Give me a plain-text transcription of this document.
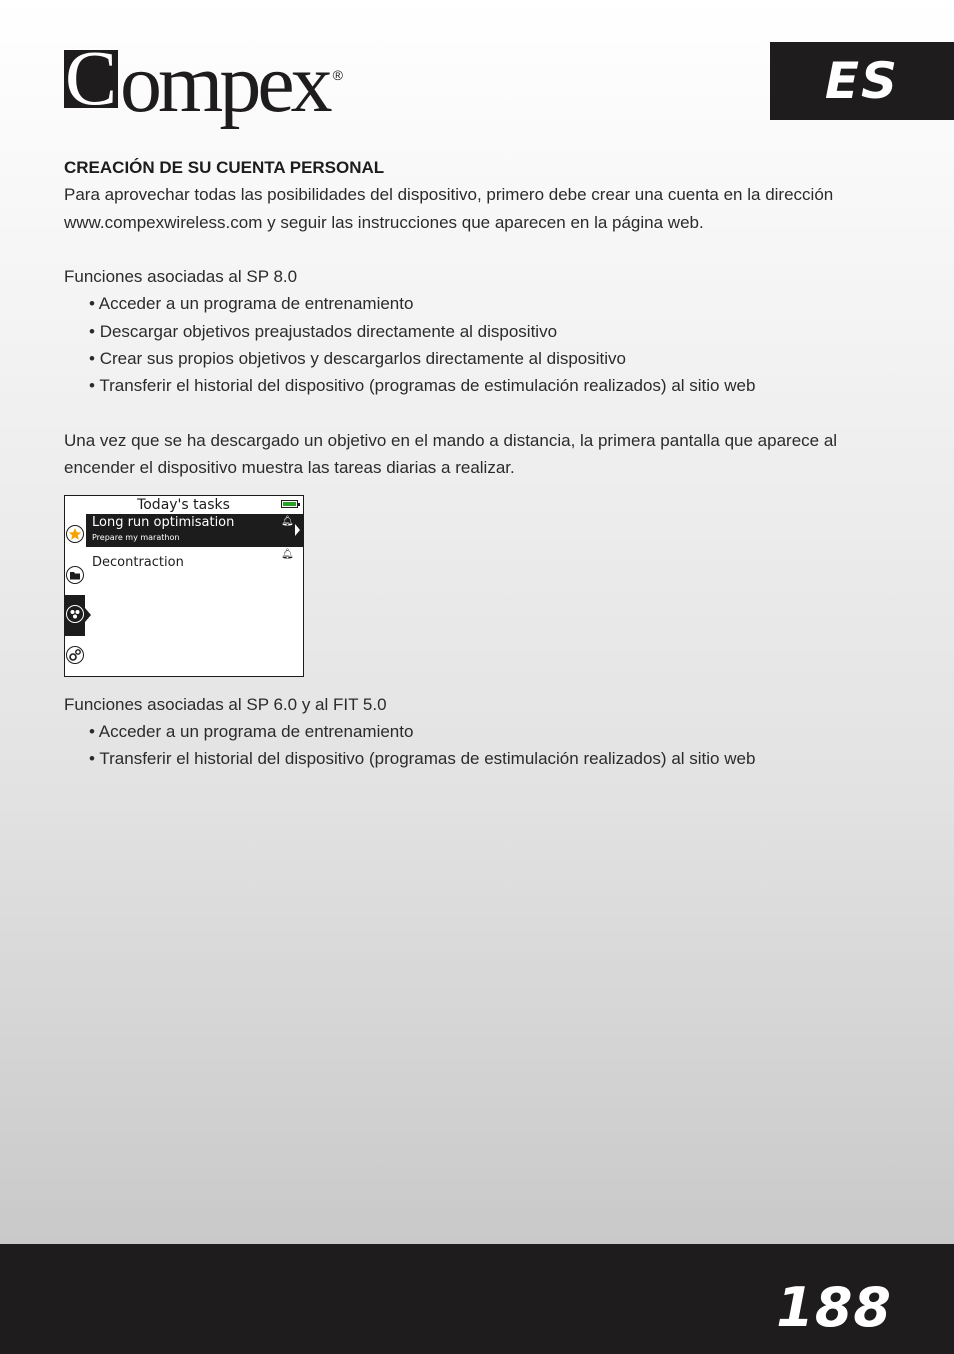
C ompex ®	ES

CREACIÓN DE SU CUENTA PERSONAL

Para aprovechar todas las posibilidades del dispositivo, primero debe crear una cuenta en la dirección www.compexwireless.com y seguir las instrucciones que aparecen en la página web.

Funciones asociadas al SP 8.0

• Acceder a un programa de entrenamiento
• Descargar objetivos preajustados directamente al dispositivo
• Crear sus propios objetivos y descargarlos directamente al dispositivo
• Transferir el historial del dispositivo (programas de estimulación realizados) al sitio web

Una vez que se ha descargado un objetivo en el mando a distancia, la primera pantalla que aparece al encender el dispositivo muestra las tareas diarias a realizar.

Today's tasks
Long run optimisation
Prepare my marathon
🔔︎
Decontraction
🔔︎

Funciones asociadas al SP 6.0 y al FIT 5.0

• Acceder a un programa de entrenamiento
• Transferir el historial del dispositivo (programas de estimulación realizados) al sitio web
188
